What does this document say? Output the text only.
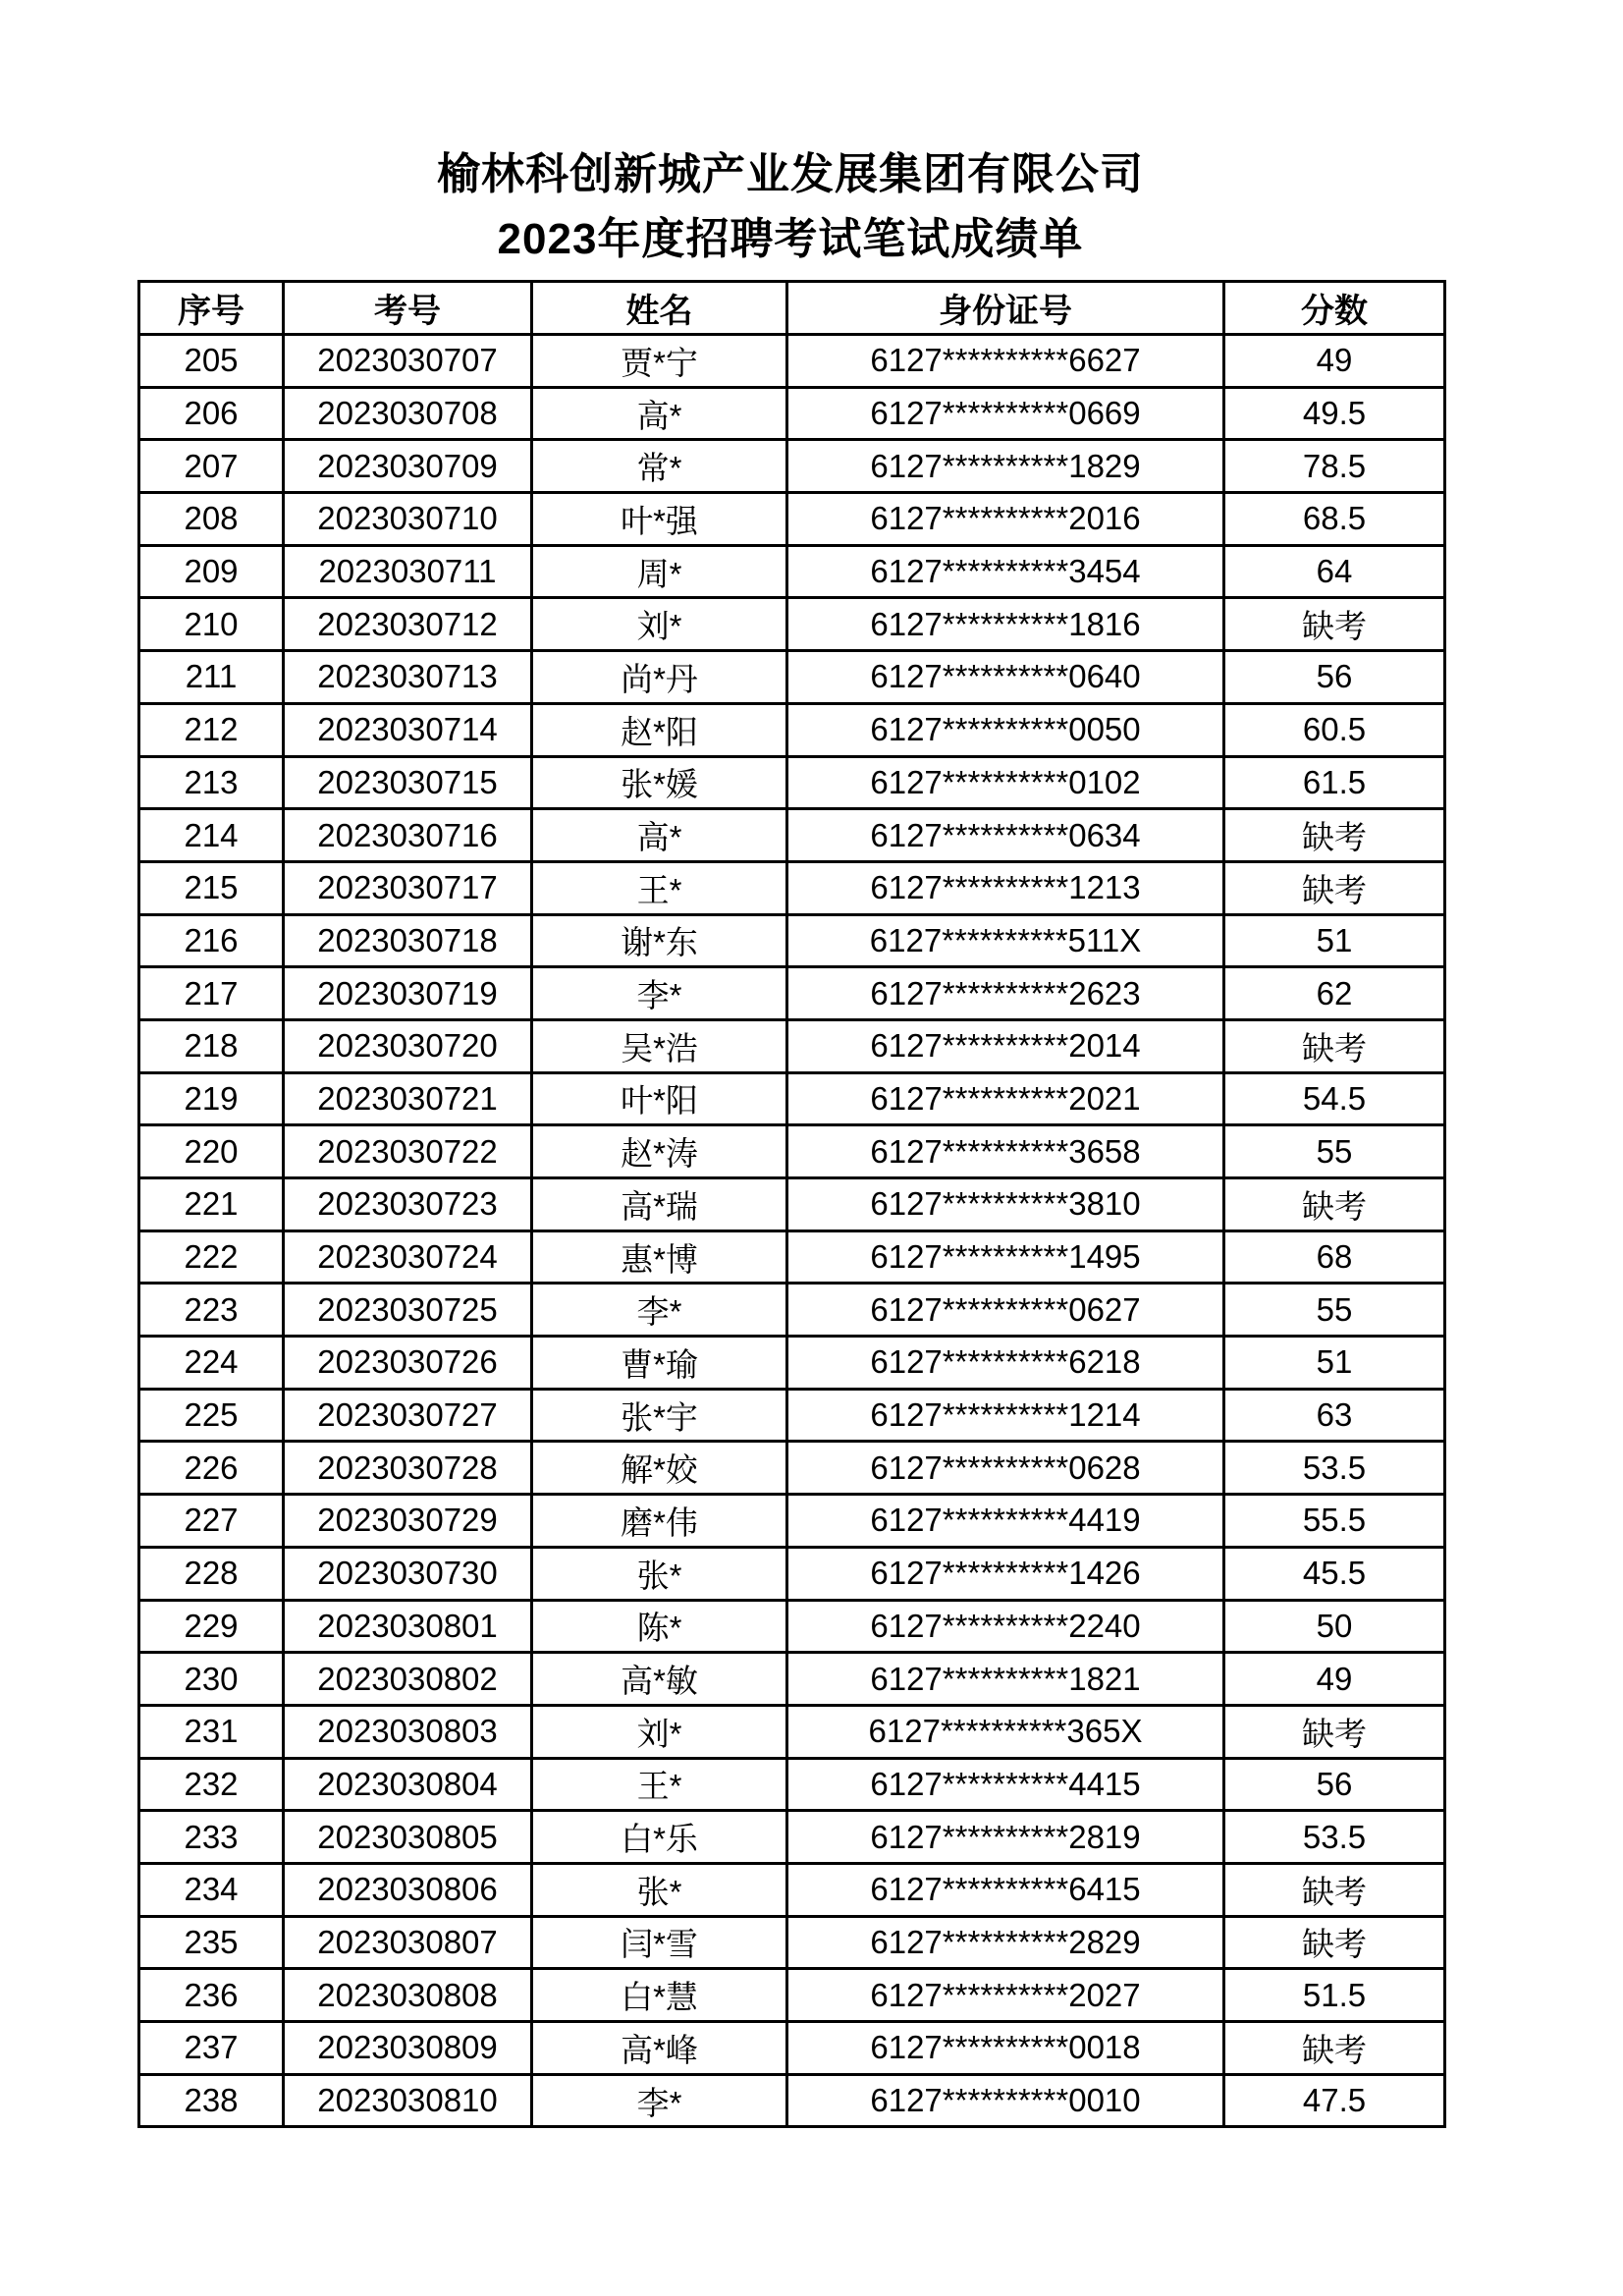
榆林科创新城产业发展集团有限公司
2023年度招聘考试笔试成绩单
序号	考号	姓名	身份证号	分数
205	2023030707	贾*宁	6127**********6627	49
206	2023030708	高*	6127**********0669	49.5
207	2023030709	常*	6127**********1829	78.5
208	2023030710	叶*强	6127**********2016	68.5
209	2023030711	周*	6127**********3454	64
210	2023030712	刘*	6127**********1816	缺考
211	2023030713	尚*丹	6127**********0640	56
212	2023030714	赵*阳	6127**********0050	60.5
213	2023030715	张*媛	6127**********0102	61.5
214	2023030716	高*	6127**********0634	缺考
215	2023030717	王*	6127**********1213	缺考
216	2023030718	谢*东	6127**********511X	51
217	2023030719	李*	6127**********2623	62
218	2023030720	吴*浩	6127**********2014	缺考
219	2023030721	叶*阳	6127**********2021	54.5
220	2023030722	赵*涛	6127**********3658	55
221	2023030723	高*瑞	6127**********3810	缺考
222	2023030724	惠*博	6127**********1495	68
223	2023030725	李*	6127**********0627	55
224	2023030726	曹*瑜	6127**********6218	51
225	2023030727	张*宇	6127**********1214	63
226	2023030728	解*姣	6127**********0628	53.5
227	2023030729	磨*伟	6127**********4419	55.5
228	2023030730	张*	6127**********1426	45.5
229	2023030801	陈*	6127**********2240	50
230	2023030802	高*敏	6127**********1821	49
231	2023030803	刘*	6127**********365X	缺考
232	2023030804	王*	6127**********4415	56
233	2023030805	白*乐	6127**********2819	53.5
234	2023030806	张*	6127**********6415	缺考
235	2023030807	闫*雪	6127**********2829	缺考
236	2023030808	白*慧	6127**********2027	51.5
237	2023030809	高*峰	6127**********0018	缺考
238	2023030810	李*	6127**********0010	47.5
